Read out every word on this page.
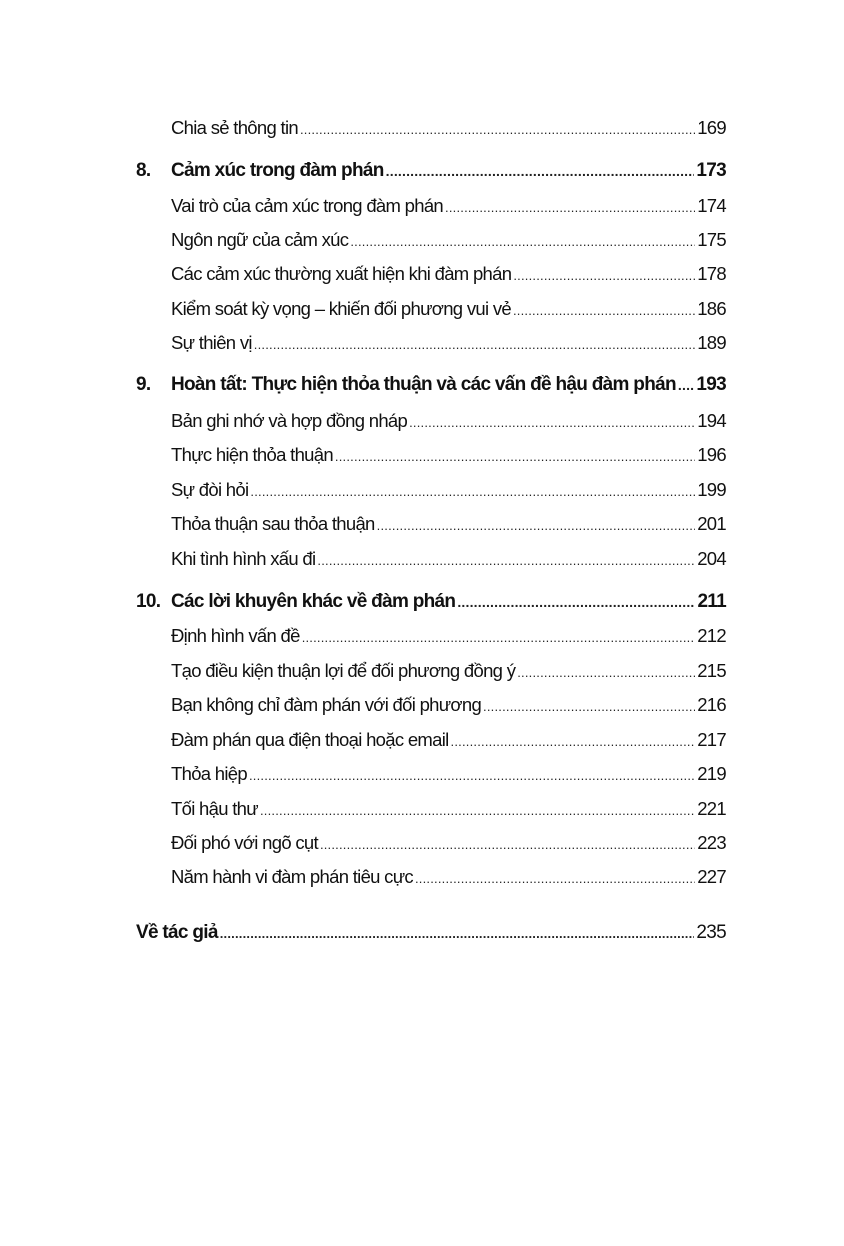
Chia sẻ thông tin .....	169
8. Cảm xúc trong đàm phán .....	173
Vai trò của cảm xúc trong đàm phán .....	174
Ngôn ngữ của cảm xúc .....	175
Các cảm xúc thường xuất hiện khi đàm phán .....	178
Kiểm soát kỳ vọng – khiến đối phương vui vẻ .....	186
Sự thiên vị .....	189
9. Hoàn tất: Thực hiện thỏa thuận và các vấn đề hậu đàm phán ..... 193
Bản ghi nhớ và hợp đồng nháp .....	194
Thực hiện thỏa thuận .....	196
Sự đòi hỏi .....	199
Thỏa thuận sau thỏa thuận .....	201
Khi tình hình xấu đi .....	204
10. Các lời khuyên khác về đàm phán .....	211
Định hình vấn đề .....	212
Tạo điều kiện thuận lợi để đối phương đồng ý .....	215
Bạn không chỉ đàm phán với đối phương .....	216
Đàm phán qua điện thoại hoặc email .....	217
Thỏa hiệp .....	219
Tối hậu thư .....	221
Đối phó với ngõ cụt .....	223
Năm hành vi đàm phán tiêu cực .....	227
Về tác giả .....	235
